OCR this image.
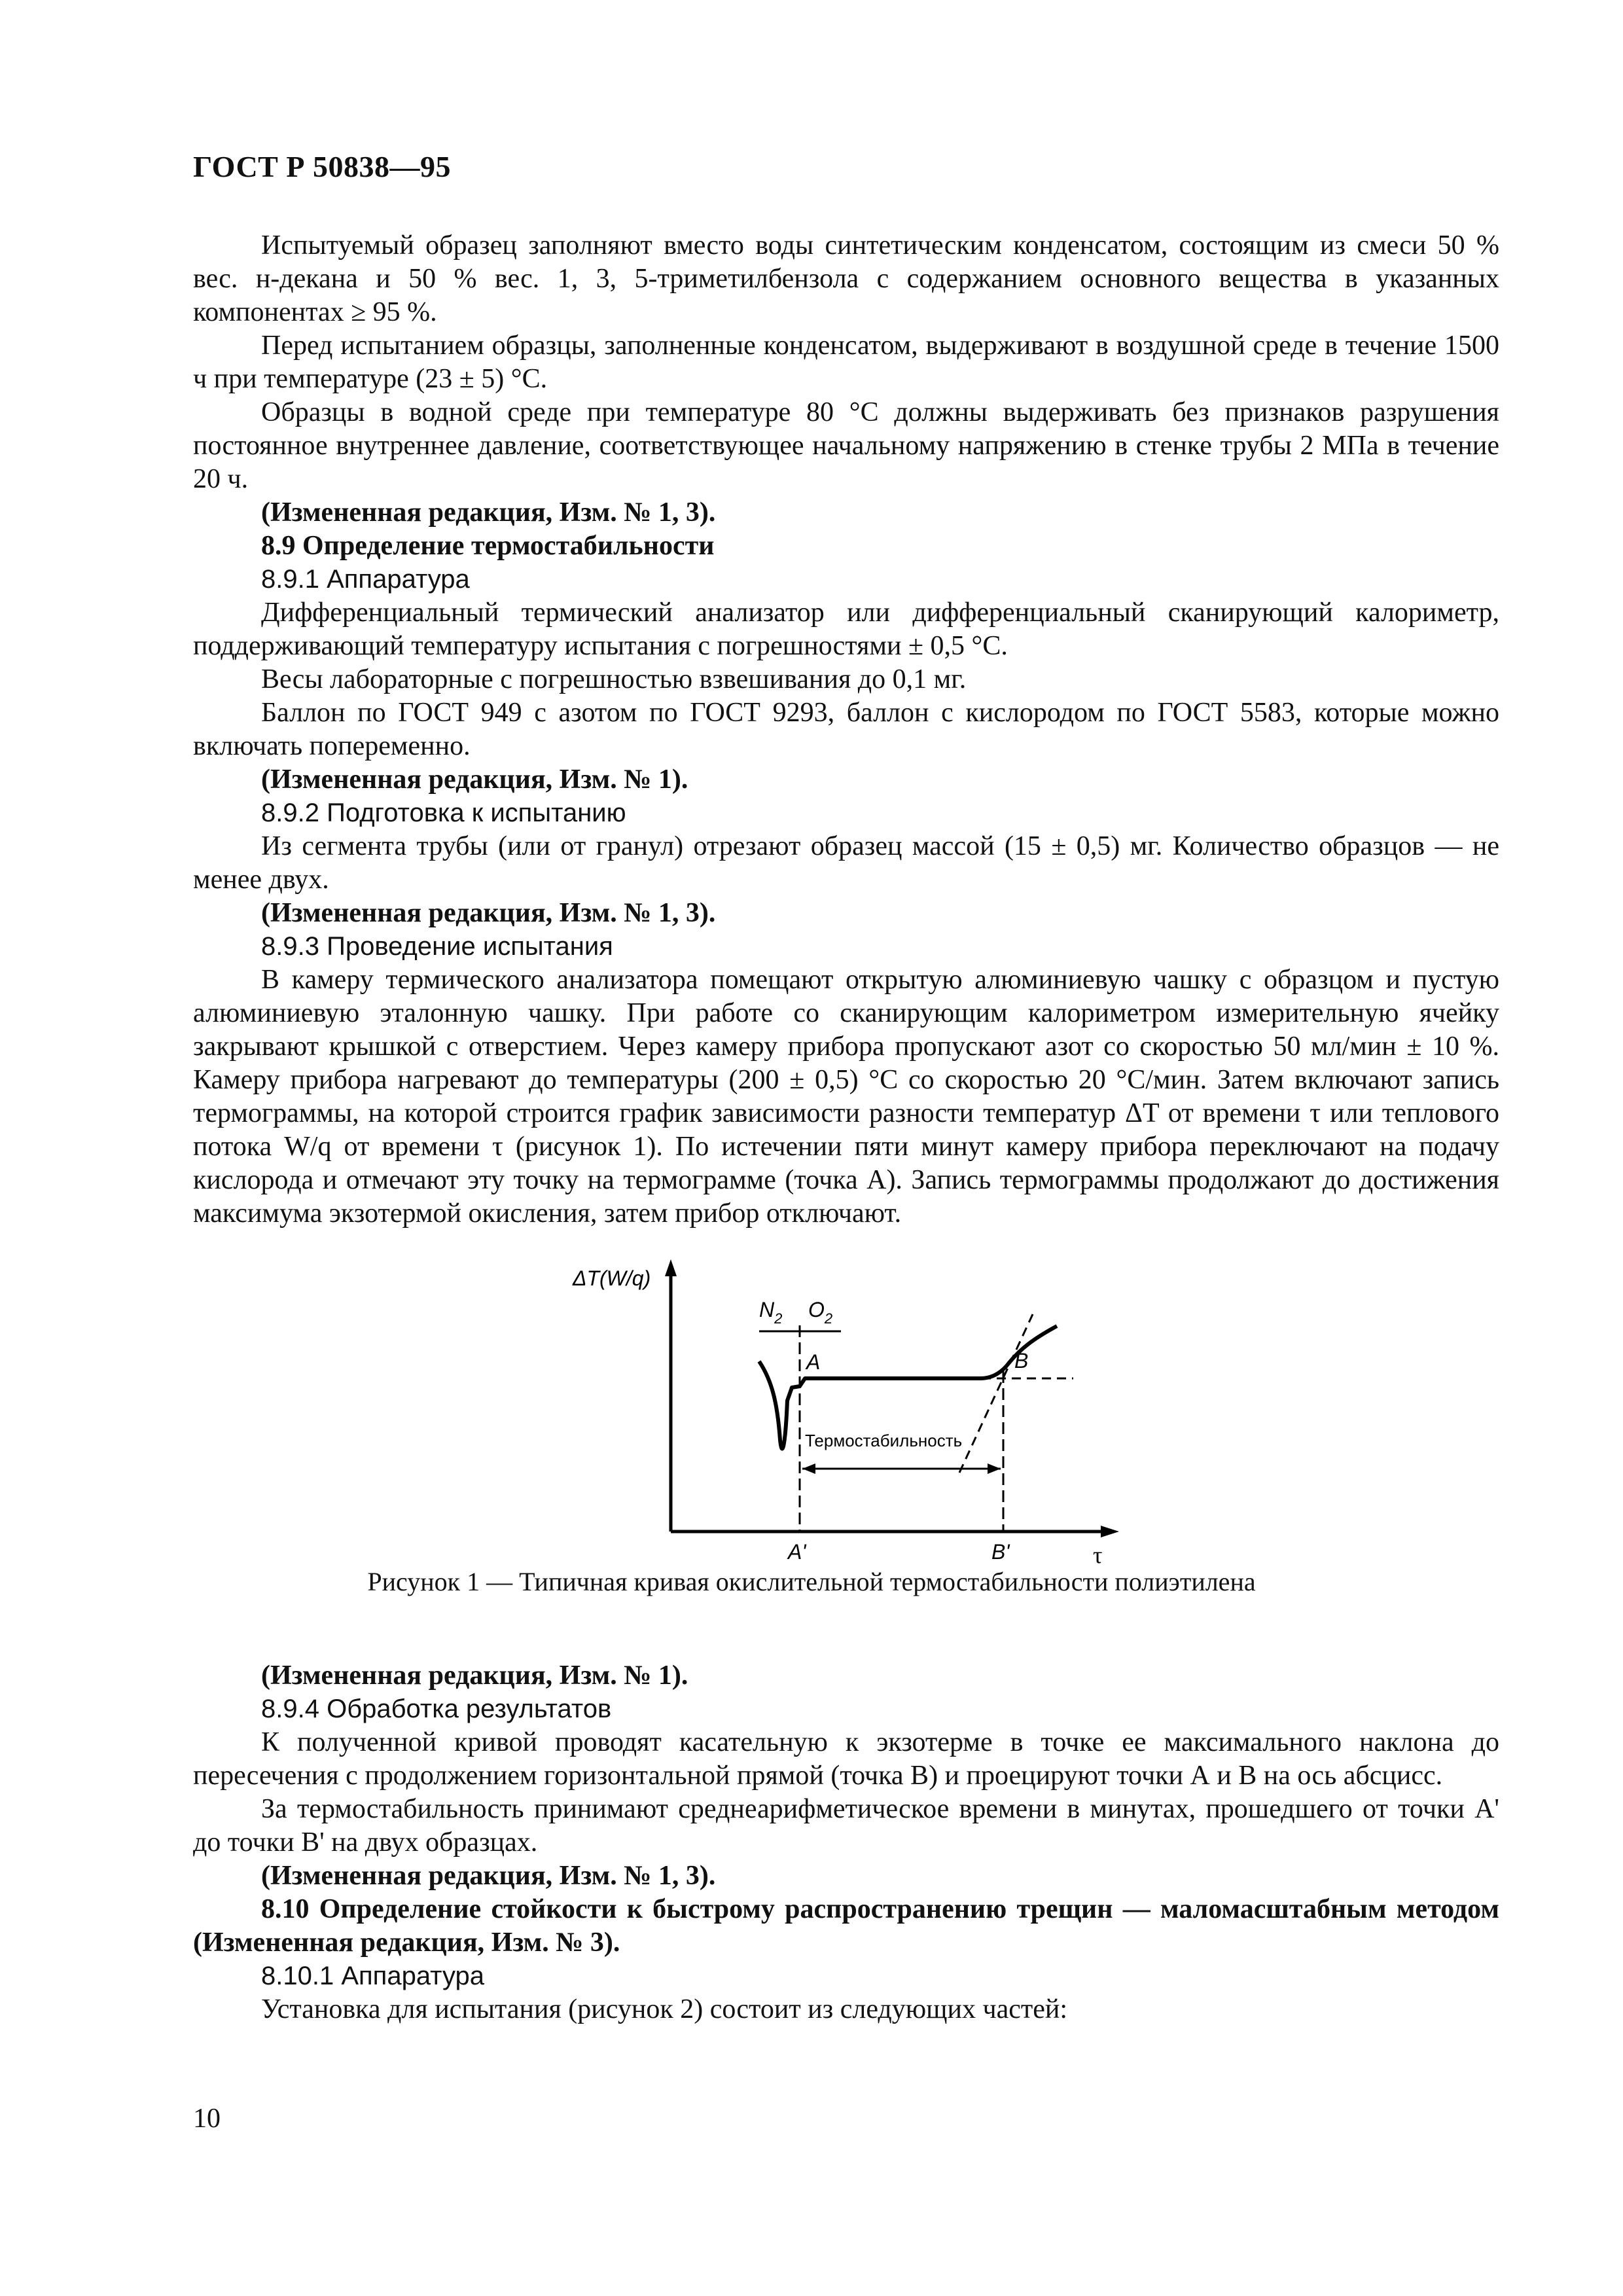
ГОСТ Р 50838—95

Испытуемый образец заполняют вместо воды синтетическим конденсатом, состоящим из смеси 50 % вес. н-декана и 50 % вес. 1, 3, 5-триметилбензола с содержанием основного вещества в указанных компонентах ≥ 95 %.

Перед испытанием образцы, заполненные конденсатом, выдерживают в воздушной среде в течение 1500 ч при температуре (23 ± 5) °С.

Образцы в водной среде при температуре 80 °С должны выдерживать без признаков разрушения постоянное внутреннее давление, соответствующее начальному напряжению в стенке трубы 2 МПа в течение 20 ч.

(Измененная редакция, Изм. № 1, 3).

8.9 Определение термостабильности

8.9.1 Аппаратура

Дифференциальный термический анализатор или дифференциальный сканирующий калориметр, поддерживающий температуру испытания с погрешностями ± 0,5 °С.

Весы лабораторные с погрешностью взвешивания до 0,1 мг.

Баллон по ГОСТ 949 с азотом по ГОСТ 9293, баллон с кислородом по ГОСТ 5583, которые можно включать попеременно.

(Измененная редакция, Изм. № 1).

8.9.2 Подготовка к испытанию

Из сегмента трубы (или от гранул) отрезают образец массой (15 ± 0,5) мг. Количество образцов — не менее двух.

(Измененная редакция, Изм. № 1, 3).

8.9.3 Проведение испытания

В камеру термического анализатора помещают открытую алюминиевую чашку с образцом и пустую алюминиевую эталонную чашку. При работе со сканирующим калориметром измерительную ячейку закрывают крышкой с отверстием. Через камеру прибора пропускают азот со скоростью 50 мл/мин ± 10 %. Камеру прибора нагревают до температуры (200 ± 0,5) °С со скоростью 20 °С/мин. Затем включают запись термограммы, на которой строится график зависимости разности температур ΔT от времени τ или теплового потока W/q от времени τ (рисунок 1). По истечении пяти минут камеру прибора переключают на подачу кислорода и отмечают эту точку на термограмме (точка А). Запись термограммы продолжают до достижения максимума экзотермой окисления, затем прибор отключают.

ΔT(W/q)
τ
$N_2$ $O_2$
A	B
Термостабильность
A'	B'
Рисунок 1 — Типичная кривая окислительной термостабильности полиэтилена

(Измененная редакция, Изм. № 1).

8.9.4 Обработка результатов

К полученной кривой проводят касательную к экзотерме в точке ее максимального наклона до пересечения с продолжением горизонтальной прямой (точка В) и проецируют точки А и В на ось абсцисс.

За термостабильность принимают среднеарифметическое времени в минутах, прошедшего от точки А' до точки В' на двух образцах.

(Измененная редакция, Изм. № 1, 3).

8.10 Определение стойкости к быстрому распространению трещин — маломасштабным методом (Измененная редакция, Изм. № 3).

8.10.1 Аппаратура

Установка для испытания (рисунок 2) состоит из следующих частей:

10
